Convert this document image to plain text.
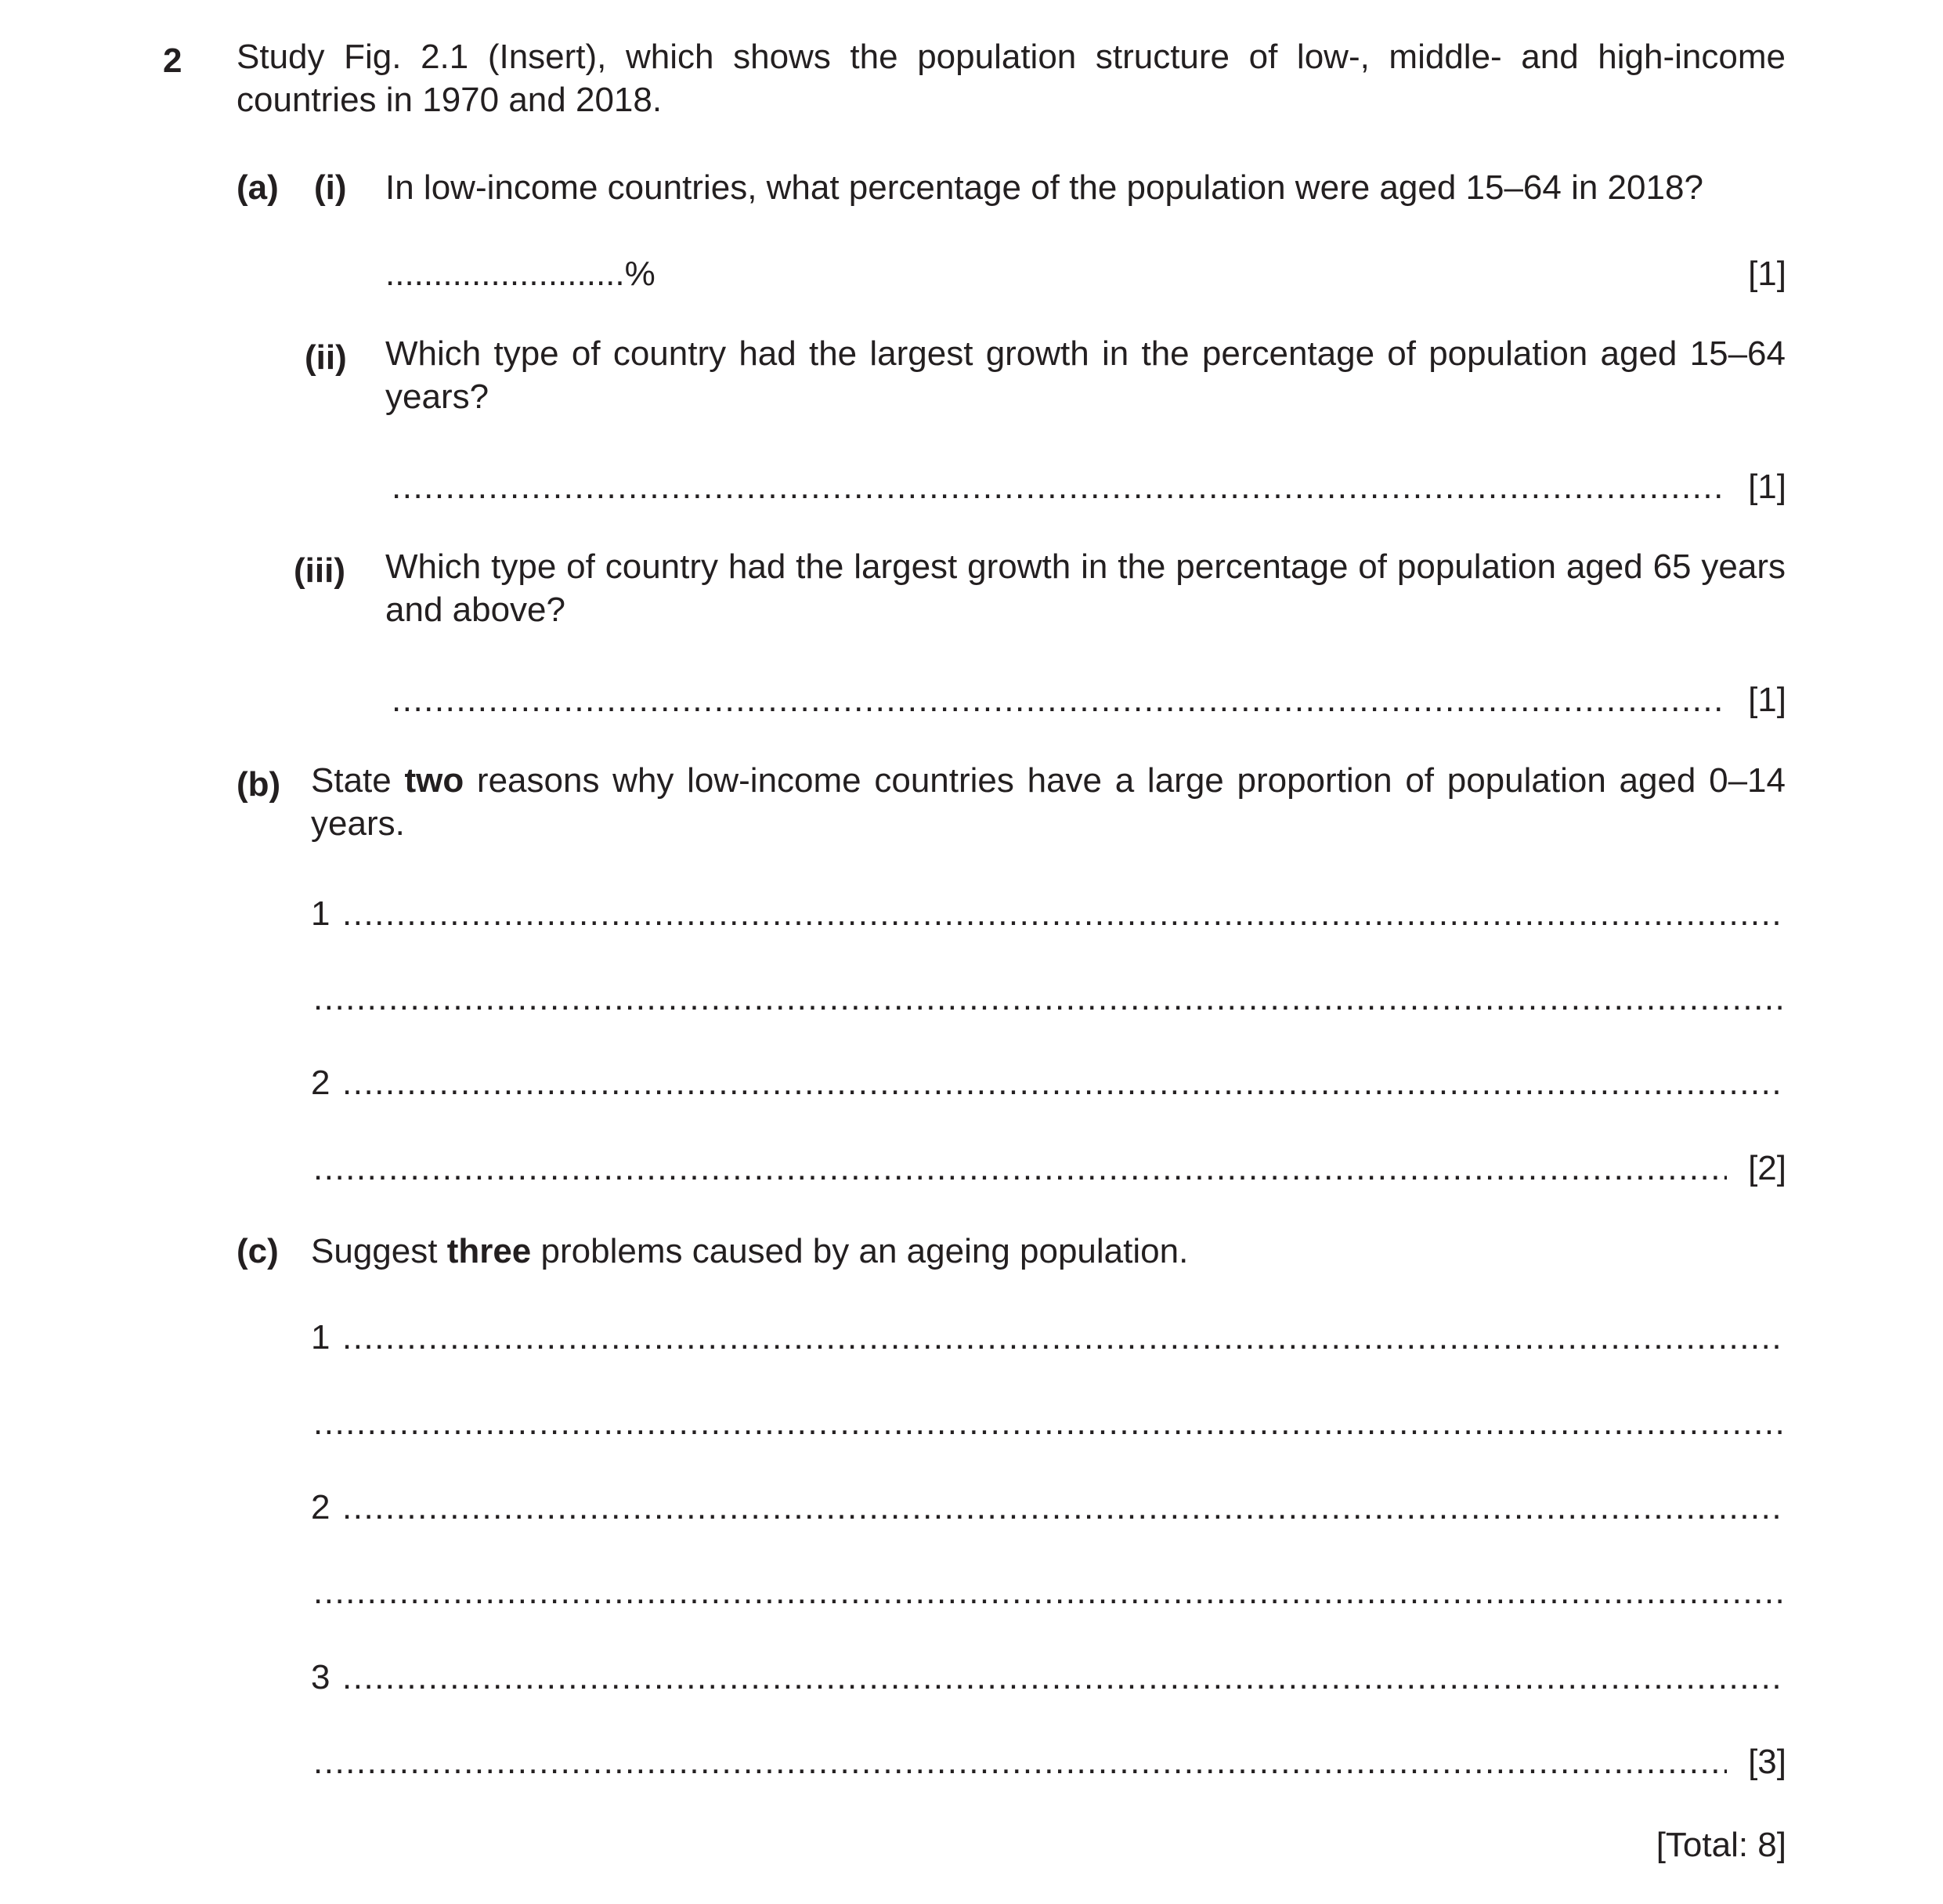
2 Study Fig. 2.1 (Insert), which shows the population structure of low-, middle- and high-income countries in 1970 and 2018.
(a) (i) In low-income countries, what percentage of the population were aged 15–64 in 2018?
.........................%	[1]
(ii) Which type of country had the largest growth in the percentage of population aged 15–64 years?
.....
[1]
(iii) Which type of country had the largest growth in the percentage of population aged 65 years and above?
.....
[1]
(b) State two reasons why low-income countries have a large proportion of population aged 0–14 years.
1
.....
.....
2
.....
.....
[2]
(c) Suggest three problems caused by an ageing population.
1
.....
.....
2
.....
.....
3
.....
.....
[3]
[Total: 8]
